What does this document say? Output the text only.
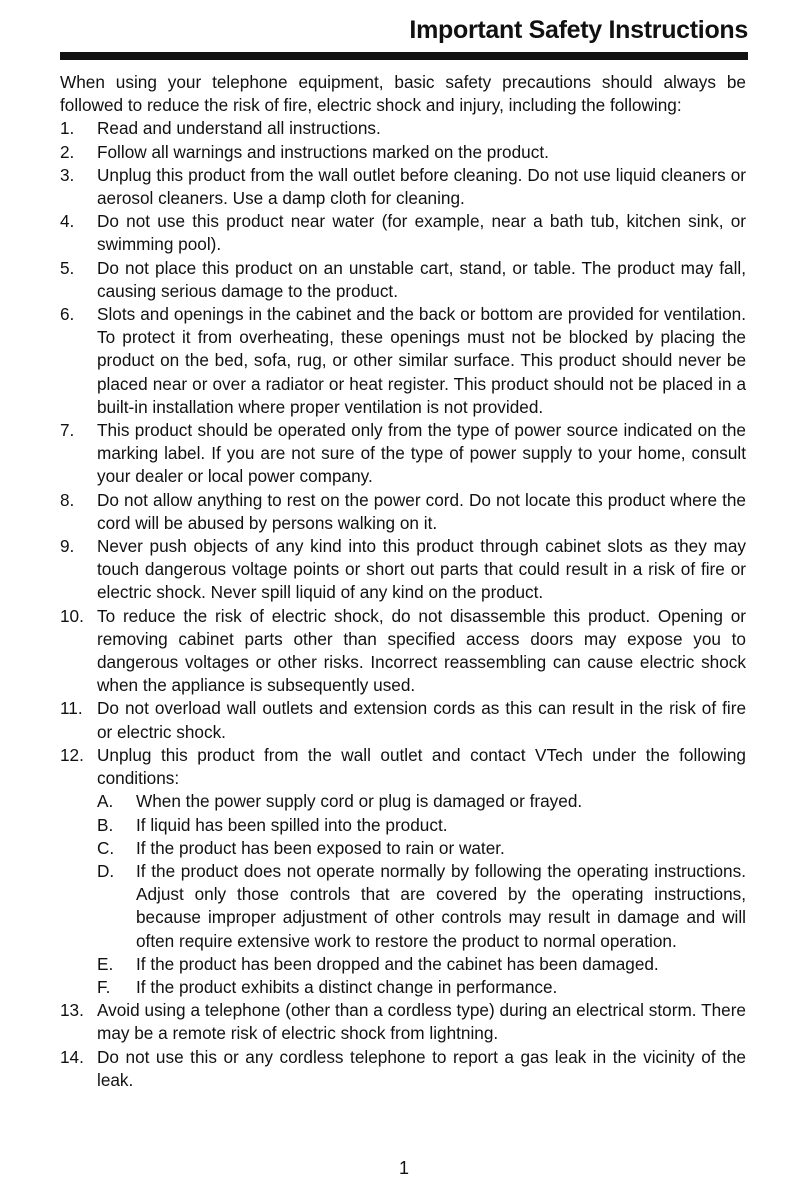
Important Safety Instructions

When using your telephone equipment, basic safety precautions should always be followed to reduce the risk of fire, electric shock and injury, including the following:

1. Read and understand all instructions.
2. Follow all warnings and instructions marked on the product.
3. Unplug this product from the wall outlet before cleaning. Do not use liquid cleaners or aerosol cleaners. Use a damp cloth for cleaning.
4. Do not use this product near water (for example, near a bath tub, kitchen sink, or swimming pool).
5. Do not place this product on an unstable cart, stand, or table. The product may fall, causing serious damage to the product.
6. Slots and openings in the cabinet and the back or bottom are provided for ventilation. To protect it from overheating, these openings must not be blocked by placing the product on the bed, sofa, rug, or other similar surface. This product should never be placed near or over a radiator or heat register. This product should not be placed in a built-in installation where proper ventilation is not provided.
7. This product should be operated only from the type of power source indicated on the marking label. If you are not sure of the type of power supply to your home, consult your dealer or local power company.
8. Do not allow anything to rest on the power cord. Do not locate this product where the cord will be abused by persons walking on it.
9. Never push objects of any kind into this product through cabinet slots as they may touch dangerous voltage points or short out parts that could result in a risk of fire or electric shock. Never spill liquid of any kind on the product.
10. To reduce the risk of electric shock, do not disassemble this product. Opening or removing cabinet parts other than specified access doors may expose you to dangerous voltages or other risks. Incorrect reassembling can cause electric shock when the appliance is subsequently used.
11. Do not overload wall outlets and extension cords as this can result in the risk of fire or electric shock.
12. Unplug this product from the wall outlet and contact VTech under the following conditions:
A. When the power supply cord or plug is damaged or frayed.
B. If liquid has been spilled into the product.
C. If the product has been exposed to rain or water.
D. If the product does not operate normally by following the operating instructions. Adjust only those controls that are covered by the operating instructions, because improper adjustment of other controls may result in damage and will often require extensive work to restore the product to normal operation.
E. If the product has been dropped and the cabinet has been damaged.
F. If the product exhibits a distinct change in performance.
13. Avoid using a telephone (other than a cordless type) during an electrical storm. There may be a remote risk of electric shock from lightning.
14. Do not use this or any cordless telephone to report a gas leak in the vicinity of the leak.
1
